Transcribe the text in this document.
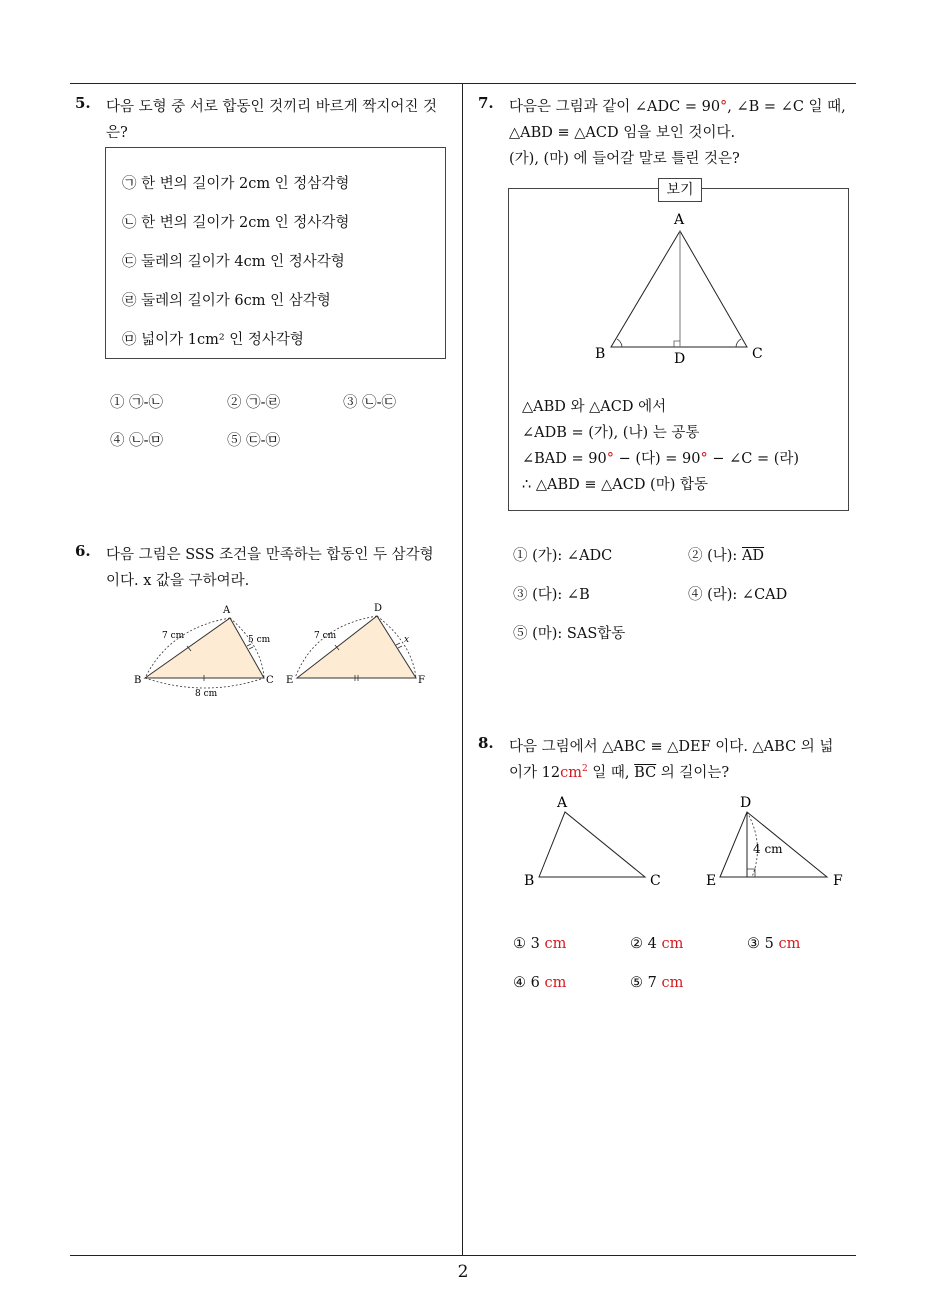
2
5. 다음 도형 중 서로 합동인 것끼리 바르게 짝지어진 것
은?
㉠ 한 변의 길이가 2cm 인 정삼각형
㉡ 한 변의 길이가 2cm 인 정사각형
㉢ 둘레의 길이가 4cm 인 정사각형
㉣ 둘레의 길이가 6cm 인 삼각형
㉤ 넓이가 1cm² 인 정사각형
① ㉠-㉡	② ㉠-㉣	③ ㉡-㉢
④ ㉡-㉤	⑤ ㉢-㉤
6. 다음 그림은 SSS 조건을 만족하는 합동인 두 삼각형
이다. x 값을 구하여라.
A
B	C
7 cm	5 cm
8 cm
D
E	F
7 cm	x
7. 다음은 그림과 같이 ∠ADC = 90°, ∠B = ∠C 일 때,
△ABD ≡ △ACD 임을 보인 것이다.
(가), (마) 에 들어갈 말로 틀린 것은?
보기
A
B	C
D
△ABD 와 △ACD 에서
∠ADB = (가), (나) 는 공통
∠BAD = 90° − (다) = 90° − ∠C = (라)
∴ △ABD ≡ △ACD (마) 합동
① (가): ∠ADC	② (나): $\overline{AD}$
③ (다): ∠B	④ (라): ∠CAD
⑤ (마): SAS합동
8. 다음 그림에서 △ABC ≡ △DEF 이다. △ABC 의 넓
이가 $12cm^2$ 일 때, $\overline{BC}$ 의 길이는?
A
B	C
D
E	F
4 cm
① 3 cm	② 4 cm	③ 5 cm
④ 6 cm	⑤ 7 cm
